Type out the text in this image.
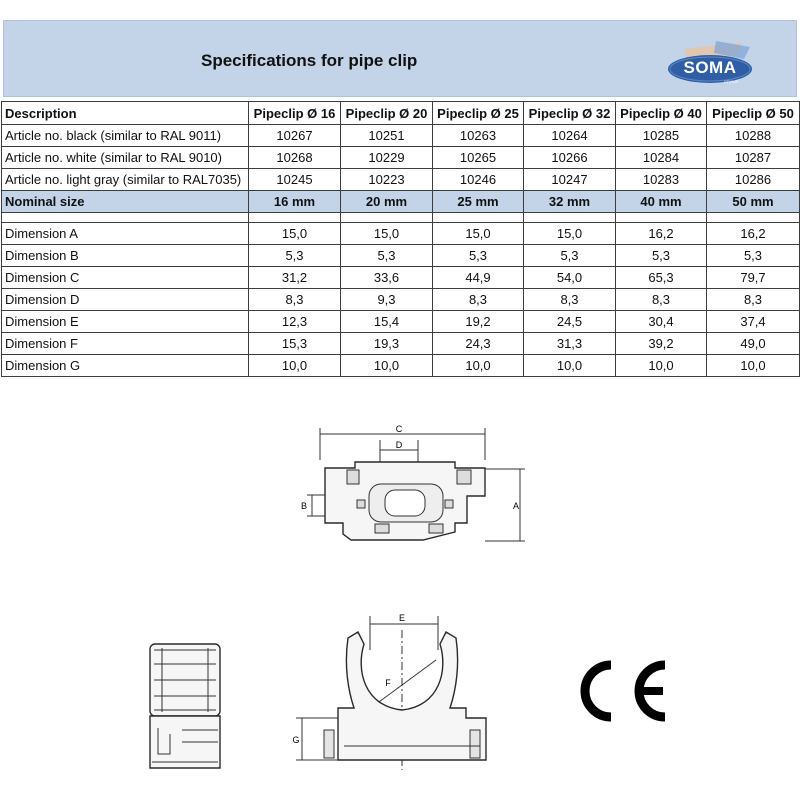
Specifications for pipe clip	SOMA
GROUP
Description	Pipeclip Ø 16	Pipeclip Ø 20	Pipeclip Ø 25	Pipeclip Ø 32	Pipeclip Ø 40	Pipeclip Ø 50
Article no. black (similar to RAL 9011)	10267	10251	10263	10264	10285	10288
Article no. white (similar to RAL 9010)	10268	10229	10265	10266	10284	10287
Article no. light gray (similar to RAL7035)	10245	10223	10246	10247	10283	10286
Nominal size	16 mm	20 mm	25 mm	32 mm	40 mm	50 mm

Dimension A	15,0	15,0	15,0	15,0	16,2	16,2
Dimension B	5,3	5,3	5,3	5,3	5,3	5,3
Dimension C	31,2	33,6	44,9	54,0	65,3	79,7
Dimension D	8,3	9,3	8,3	8,3	8,3	8,3
Dimension E	12,3	15,4	19,2	24,5	30,4	37,4
Dimension F	15,3	19,3	24,3	31,3	39,2	49,0
Dimension G	10,0	10,0	10,0	10,0	10,0	10,0
C
D
B	A
E
F
G
